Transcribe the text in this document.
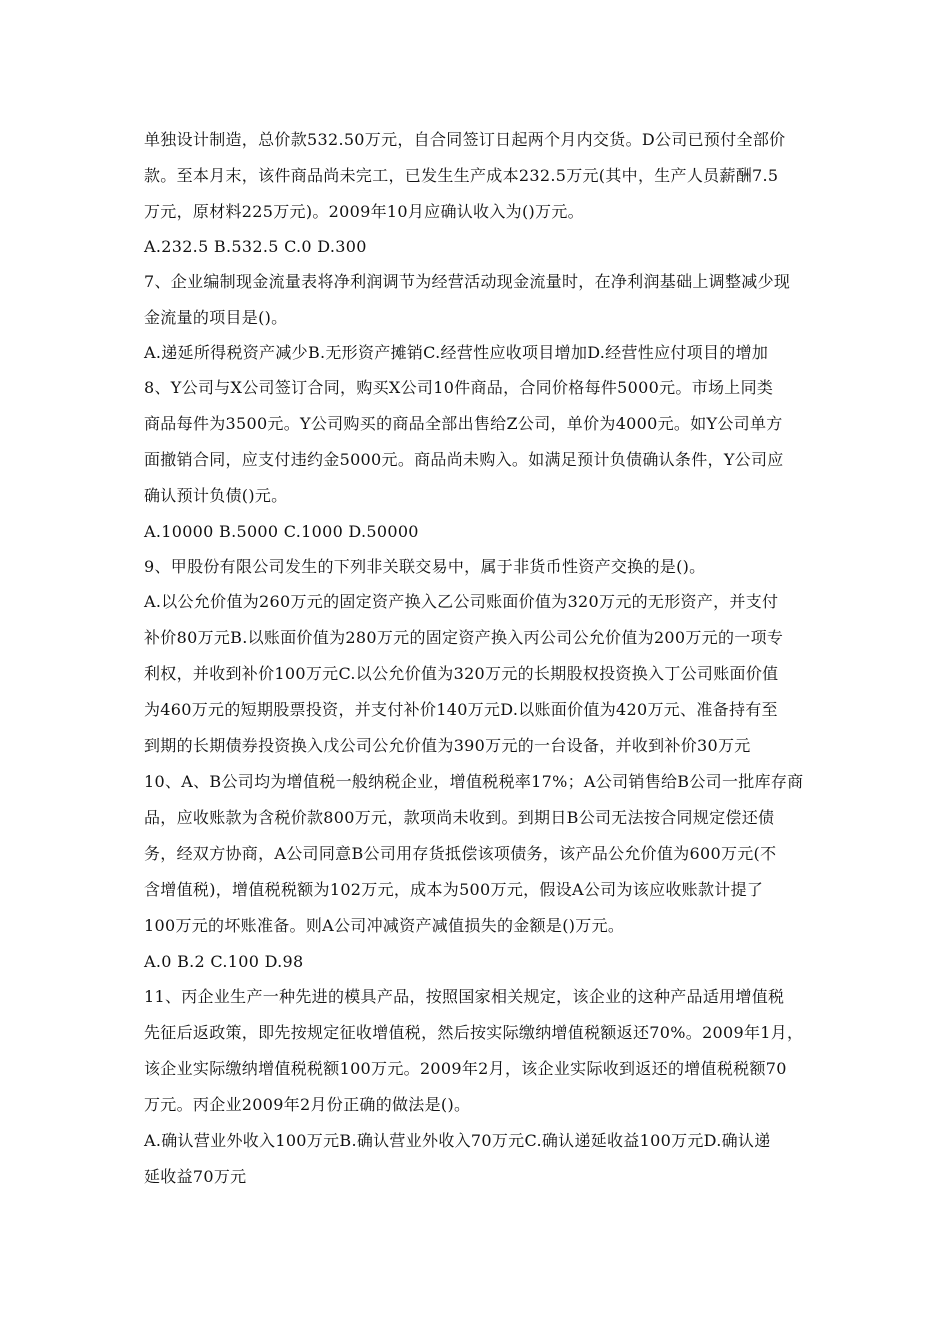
单独设计制造，总价款532.50万元，自合同签订日起两个月内交货。D公司已预付全部价
款。至本月末，该件商品尚未完工，已发生生产成本232.5万元(其中，生产人员薪酬7.5
万元，原材料225万元)。2009年10月应确认收入为()万元。
A.232.5 B.532.5 C.0 D.300
7、企业编制现金流量表将净利润调节为经营活动现金流量时，在净利润基础上调整减少现
金流量的项目是()。
A.递延所得税资产减少B.无形资产摊销C.经营性应收项目增加D.经营性应付项目的增加
8、Y公司与X公司签订合同，购买X公司10件商品，合同价格每件5000元。市场上同类
商品每件为3500元。Y公司购买的商品全部出售给Z公司，单价为4000元。如Y公司单方
面撤销合同，应支付违约金5000元。商品尚未购入。如满足预计负债确认条件，Y公司应
确认预计负债()元。
A.10000 B.5000 C.1000 D.50000
9、甲股份有限公司发生的下列非关联交易中，属于非货币性资产交换的是()。
A.以公允价值为260万元的固定资产换入乙公司账面价值为320万元的无形资产，并支付
补价80万元B.以账面价值为280万元的固定资产换入丙公司公允价值为200万元的一项专
利权，并收到补价100万元C.以公允价值为320万元的长期股权投资换入丁公司账面价值
为460万元的短期股票投资，并支付补价140万元D.以账面价值为420万元、准备持有至
到期的长期债券投资换入戊公司公允价值为390万元的一台设备，并收到补价30万元
10、A、B公司均为增值税一般纳税企业，增值税税率17%；A公司销售给B公司一批库存商
品，应收账款为含税价款800万元，款项尚未收到。到期日B公司无法按合同规定偿还债
务，经双方协商，A公司同意B公司用存货抵偿该项债务，该产品公允价值为600万元(不
含增值税)，增值税税额为102万元，成本为500万元，假设A公司为该应收账款计提了
100万元的坏账准备。则A公司冲减资产减值损失的金额是()万元。
A.0 B.2 C.100 D.98
11、丙企业生产一种先进的模具产品，按照国家相关规定，该企业的这种产品适用增值税
先征后返政策，即先按规定征收增值税，然后按实际缴纳增值税额返还70%。2009年1月，
该企业实际缴纳增值税税额100万元。2009年2月，该企业实际收到返还的增值税税额70
万元。丙企业2009年2月份正确的做法是()。
A.确认营业外收入100万元B.确认营业外收入70万元C.确认递延收益100万元D.确认递
延收益70万元
